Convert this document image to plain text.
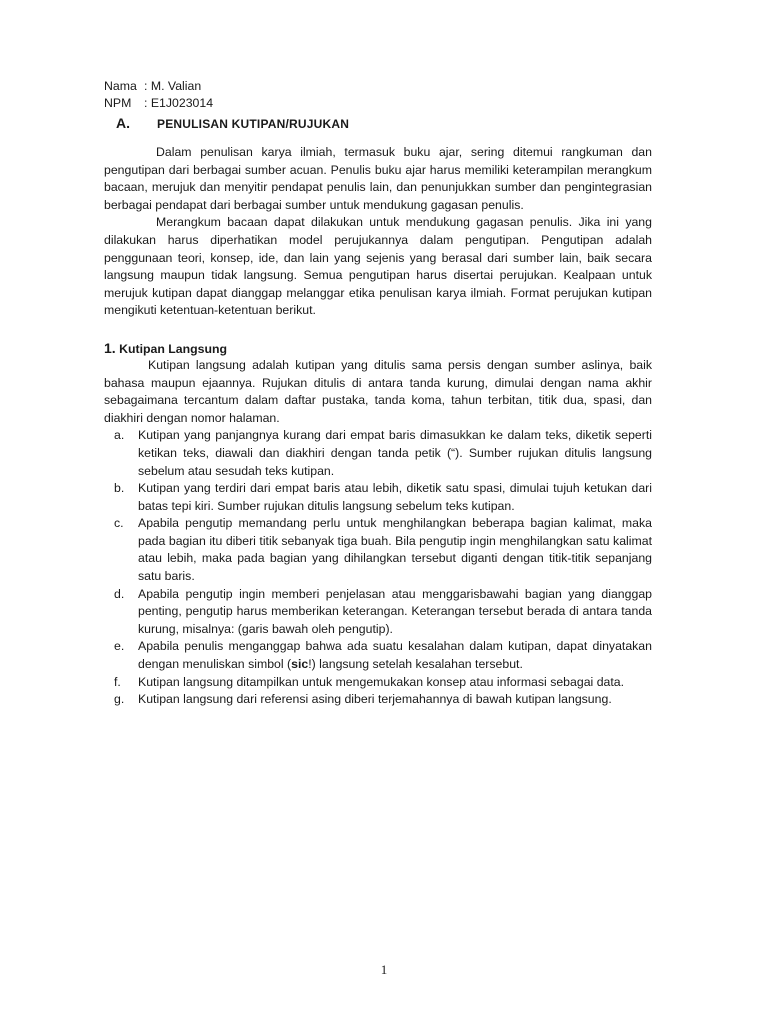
Nama : M. Valian
NPM : E1J023014
A. PENULISAN KUTIPAN/RUJUKAN

Dalam penulisan karya ilmiah, termasuk buku ajar, sering ditemui rangkuman dan pengutipan dari berbagai sumber acuan. Penulis buku ajar harus memiliki keterampilan merangkum bacaan, merujuk dan menyitir pendapat penulis lain, dan penunjukkan sumber dan pengintegrasian berbagai pendapat dari berbagai sumber untuk mendukung gagasan penulis.

Merangkum bacaan dapat dilakukan untuk mendukung gagasan penulis. Jika ini yang dilakukan harus diperhatikan model perujukannya dalam pengutipan. Pengutipan adalah penggunaan teori, konsep, ide, dan lain yang sejenis yang berasal dari sumber lain, baik secara langsung maupun tidak langsung. Semua pengutipan harus disertai perujukan. Kealpaan untuk merujuk kutipan dapat dianggap melanggar etika penulisan karya ilmiah. Format perujukan kutipan mengikuti ketentuan-ketentuan berikut.

1. Kutipan Langsung

Kutipan langsung adalah kutipan yang ditulis sama persis dengan sumber aslinya, baik bahasa maupun ejaannya. Rujukan ditulis di antara tanda kurung, dimulai dengan nama akhir sebagaimana tercantum dalam daftar pustaka, tanda koma, tahun terbitan, titik dua, spasi, dan diakhiri dengan nomor halaman.

a. Kutipan yang panjangnya kurang dari empat baris dimasukkan ke dalam teks, diketik seperti ketikan teks, diawali dan diakhiri dengan tanda petik (“). Sumber rujukan ditulis langsung sebelum atau sesudah teks kutipan.
b. Kutipan yang terdiri dari empat baris atau lebih, diketik satu spasi, dimulai tujuh ketukan dari batas tepi kiri. Sumber rujukan ditulis langsung sebelum teks kutipan.
c. Apabila pengutip memandang perlu untuk menghilangkan beberapa bagian kalimat, maka pada bagian itu diberi titik sebanyak tiga buah. Bila pengutip ingin menghilangkan satu kalimat atau lebih, maka pada bagian yang dihilangkan tersebut diganti dengan titik-titik sepanjang satu baris.
d. Apabila pengutip ingin memberi penjelasan atau menggarisbawahi bagian yang dianggap penting, pengutip harus memberikan keterangan. Keterangan tersebut berada di antara tanda kurung, misalnya: (garis bawah oleh pengutip).
e. Apabila penulis menganggap bahwa ada suatu kesalahan dalam kutipan, dapat dinyatakan dengan menuliskan simbol (sic!) langsung setelah kesalahan tersebut.
f. Kutipan langsung ditampilkan untuk mengemukakan konsep atau informasi sebagai data.
g. Kutipan langsung dari referensi asing diberi terjemahannya di bawah kutipan langsung.
1
